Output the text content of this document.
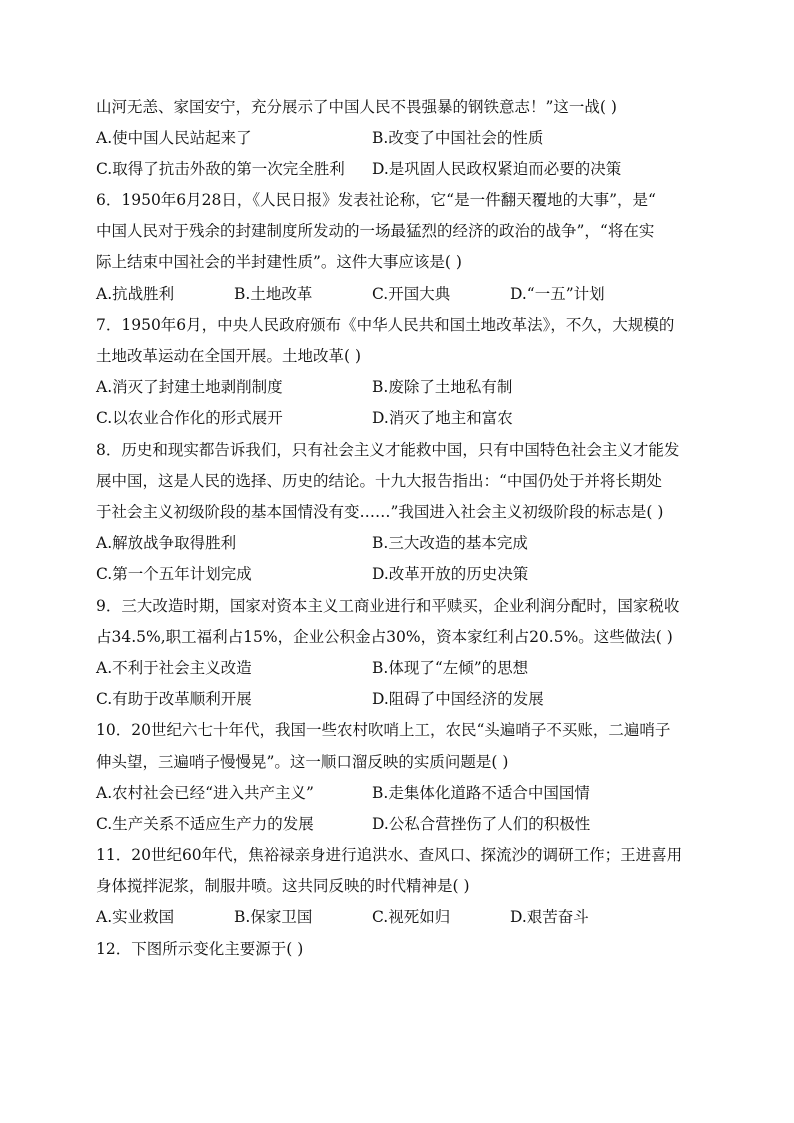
山河无恙、家国安宁，充分展示了中国人民不畏强暴的钢铁意志！”这一战( )
A.使中国人民站起来了	B.改变了中国社会的性质
C.取得了抗击外敌的第一次完全胜利 D.是巩固人民政权紧迫而必要的决策
6．1950年6月28日，《人民日报》发表社论称，它“是一件翻天覆地的大事”，是“
中国人民对于残余的封建制度所发动的一场最猛烈的经济的政治的战争”，“将在实
际上结束中国社会的半封建性质”。这件大事应该是( )
A.抗战胜利	B.土地改革	C.开国大典	D.“一五”计划
7．1950年6月，中央人民政府颁布《中华人民共和国土地改革法》，不久，大规模的
土地改革运动在全国开展。土地改革( )
A.消灭了封建土地剥削制度	B.废除了土地私有制
C.以农业合作化的形式展开	D.消灭了地主和富农
8．历史和现实都告诉我们，只有社会主义才能救中国，只有中国特色社会主义才能发
展中国，这是人民的选择、历史的结论。十九大报告指出：“中国仍处于并将长期处
于社会主义初级阶段的基本国情没有变……”我国进入社会主义初级阶段的标志是( )
A.解放战争取得胜利	B.三大改造的基本完成
C.第一个五年计划完成	D.改革开放的历史决策
9．三大改造时期，国家对资本主义工商业进行和平赎买，企业利润分配时，国家税收
占34.5%,职工福利占15%，企业公积金占30%，资本家红利占20.5%。这些做法( )
A.不利于社会主义改造	B.体现了“左倾”的思想
C.有助于改革顺利开展	D.阻碍了中国经济的发展
10．20世纪六七十年代，我国一些农村吹哨上工，农民“头遍哨子不买账，二遍哨子
伸头望，三遍哨子慢慢晃”。这一顺口溜反映的实质问题是( )
A.农村社会已经“进入共产主义”	B.走集体化道路不适合中国国情
C.生产关系不适应生产力的发展	D.公私合营挫伤了人们的积极性
11．20世纪60年代，焦裕禄亲身进行追洪水、查风口、探流沙的调研工作；王进喜用
身体搅拌泥浆，制服井喷。这共同反映的时代精神是( )
A.实业救国	B.保家卫国	C.视死如归	D.艰苦奋斗
12．下图所示变化主要源于( )
